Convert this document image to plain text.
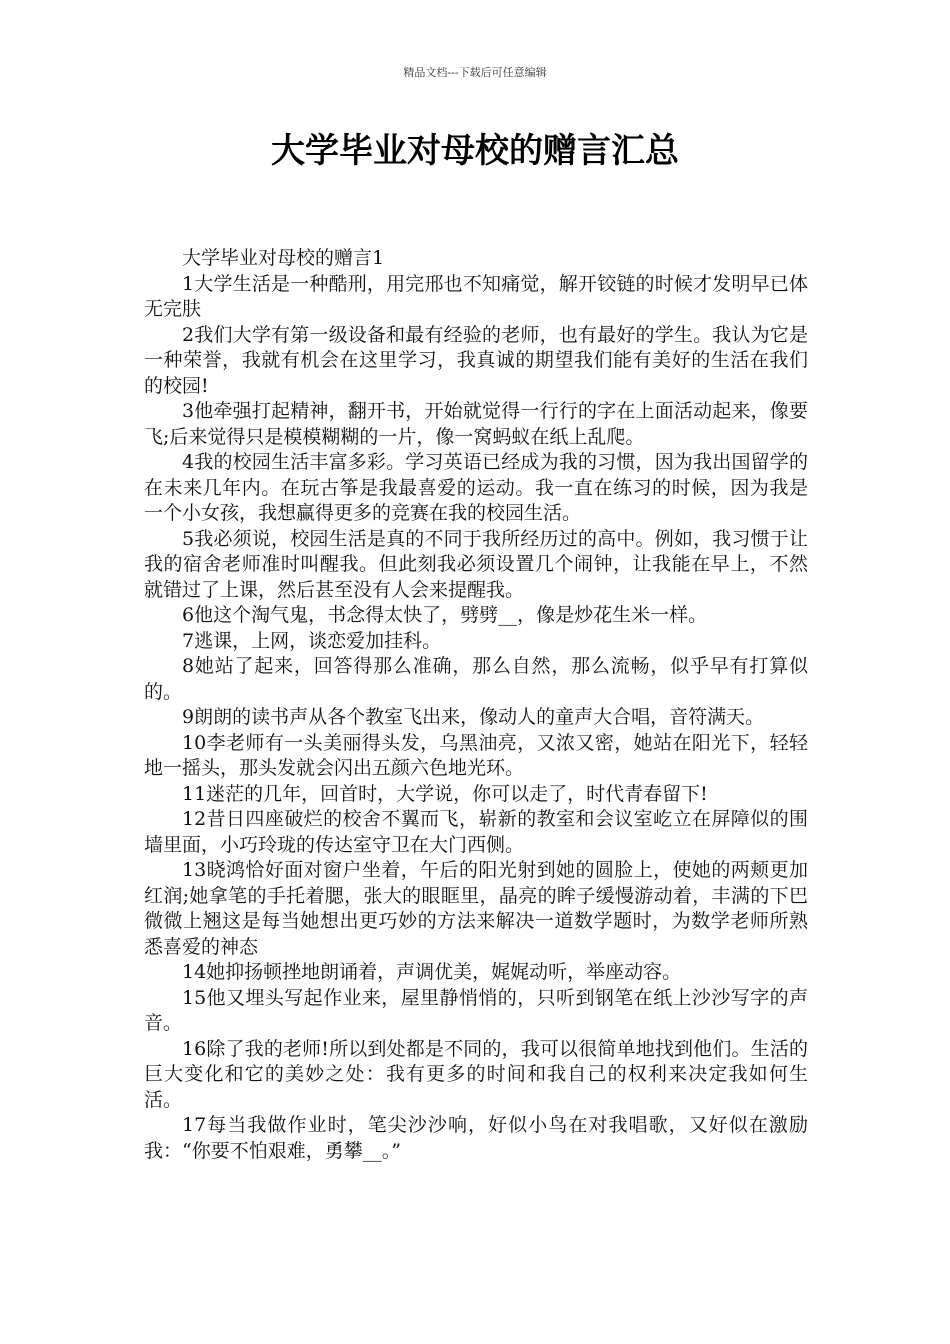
精品文档---下载后可任意编辑
大学毕业对母校的赠言汇总

大学毕业对母校的赠言1

1大学生活是一种酷刑，用完邢也不知痛觉，解开铰链的时候才发明早已体无完肤

2我们大学有第一级设备和最有经验的老师，也有最好的学生。我认为它是一种荣誉，我就有机会在这里学习，我真诚的期望我们能有美好的生活在我们的校园!

3他牵强打起精神，翻开书，开始就觉得一行行的字在上面活动起来，像要飞;后来觉得只是模模糊糊的一片，像一窝蚂蚁在纸上乱爬。

4我的校园生活丰富多彩。学习英语已经成为我的习惯，因为我出国留学的在未来几年内。在玩古筝是我最喜爱的运动。我一直在练习的时候，因为我是一个小女孩，我想赢得更多的竞赛在我的校园生活。

5我必须说，校园生活是真的不同于我所经历过的高中。例如，我习惯于让我的宿舍老师准时叫醒我。但此刻我必须设置几个闹钟，让我能在早上，不然就错过了上课，然后甚至没有人会来提醒我。

6他这个淘气鬼，书念得太快了，劈劈__，像是炒花生米一样。

7逃课，上网，谈恋爱加挂科。

8她站了起来，回答得那么准确，那么自然，那么流畅，似乎早有打算似的。

9朗朗的读书声从各个教室飞出来，像动人的童声大合唱，音符满天。

10李老师有一头美丽得头发，乌黑油亮，又浓又密，她站在阳光下，轻轻地一摇头，那头发就会闪出五颜六色地光环。

11迷茫的几年，回首时，大学说，你可以走了，时代青春留下!

12昔日四座破烂的校舍不翼而飞，崭新的教室和会议室屹立在屏障似的围墙里面，小巧玲珑的传达室守卫在大门西侧。

13晓鸿恰好面对窗户坐着，午后的阳光射到她的圆脸上，使她的两颊更加红润;她拿笔的手托着腮，张大的眼眶里，晶亮的眸子缓慢游动着，丰满的下巴微微上翘这是每当她想出更巧妙的方法来解决一道数学题时，为数学老师所熟悉喜爱的神态

14她抑扬顿挫地朗诵着，声调优美，娓娓动听，举座动容。

15他又埋头写起作业来，屋里静悄悄的，只听到钢笔在纸上沙沙写字的声音。

16除了我的老师!所以到处都是不同的，我可以很简单地找到他们。生活的巨大变化和它的美妙之处：我有更多的时间和我自己的权利来决定我如何生活。

17每当我做作业时，笔尖沙沙响，好似小鸟在对我唱歌，又好似在激励我：“你要不怕艰难，勇攀__。”
